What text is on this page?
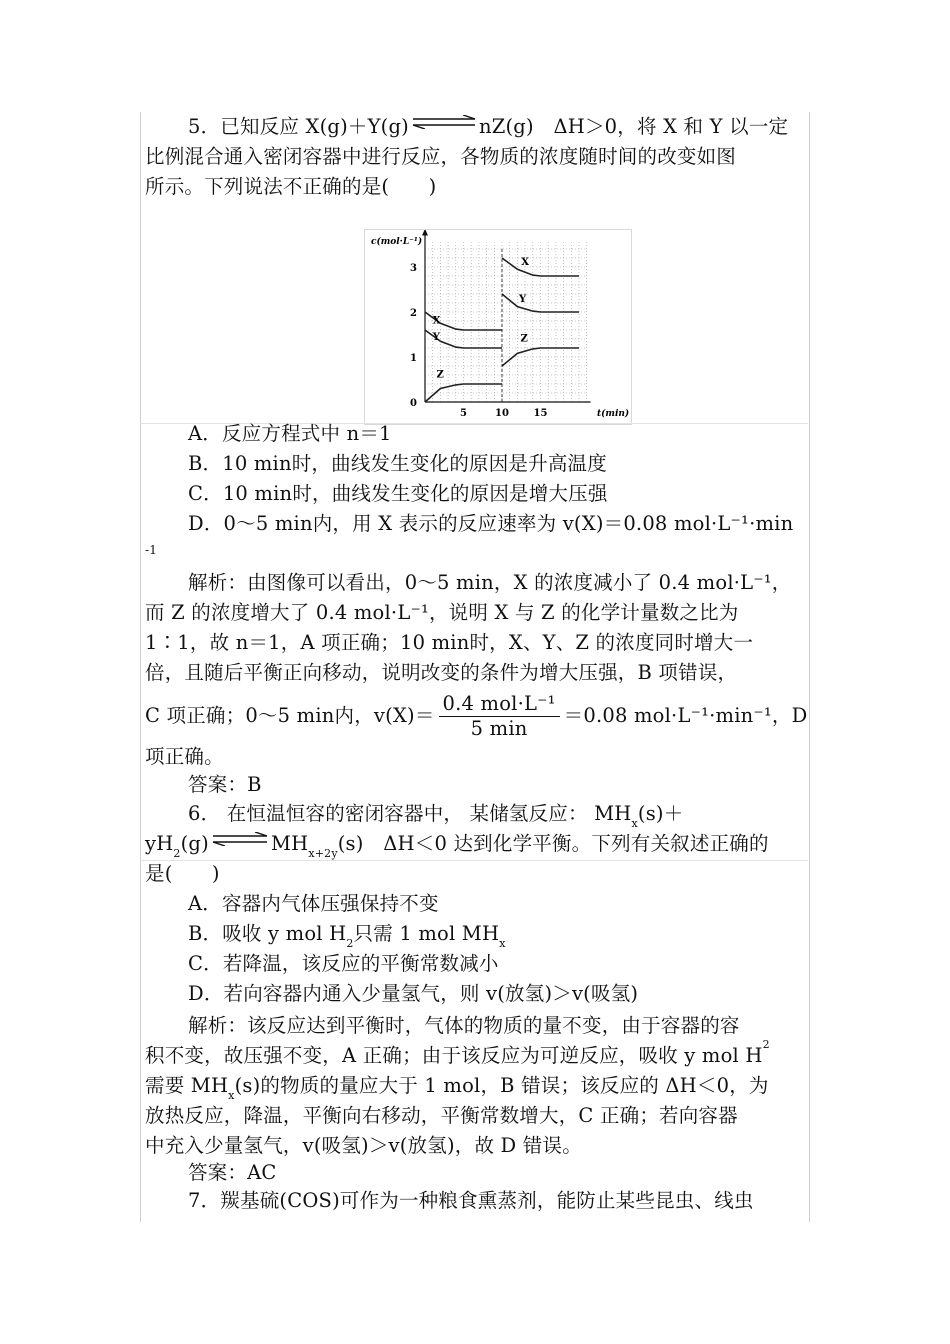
5．已知反应 X(g)＋Y(g) ⇌ nZ(g)　ΔH＞0，将 X 和 Y 以一定
比例混合通入密闭容器中进行反应，各物质的浓度随时间的改变如图
所示。下列说法不正确的是(　　)
0
1
2
3
5	10 15
c(mol·L⁻¹)
t(min)
X
X
Y
Y
Z
Z
A．反应方程式中 n＝1
B．10 min时，曲线发生变化的原因是升高温度
C．10 min时，曲线发生变化的原因是增大压强
D．0～5 min内，用 X 表示的反应速率为 v(X)＝0.08 mol·L⁻¹·min
-1
解析：由图像可以看出，0～5 min，X 的浓度减小了 0.4 mol·L⁻¹，
而 Z 的浓度增大了 0.4 mol·L⁻¹，说明 X 与 Z 的化学计量数之比为
1∶1，故 n＝1，A 项正确；10 min时，X、Y、Z 的浓度同时增大一
倍，且随后平衡正向移动，说明改变的条件为增大压强，B 项错误，
C 项正确；0～5 min内，$v(X)= \frac{\text{0.4 mol·L⁻¹}}{5 \min} =0.08$ mol·L⁻¹·min⁻¹，D
项正确。
答案：B
6． 在恒温恒容的密闭容器中， 某储氢反应： $MH_x(s)+$
$yH_2(g)$ ⇌ $MH_{x+2y}(s)$　ΔH＜0 达到化学平衡。下列有关叙述正确的
是(　　)
A．容器内气体压强保持不变
B．吸收 y mol $H_2$只需 1 mol $MH_x$
C．若降温，该反应的平衡常数减小
D．若向容器内通入少量氢气，则 v(放氢)＞v(吸氢)
解析：该反应达到平衡时，气体的物质的量不变，由于容器的容
积不变，故压强不变，A 正确；由于该反应为可逆反应，吸收 y mol $H^2$
需要 $MH_x(s)$的物质的量应大于 1 mol，B 错误；该反应的 ΔH＜0，为
放热反应，降温，平衡向右移动，平衡常数增大，C 正确；若向容器
中充入少量氢气，v(吸氢)＞v(放氢)，故 D 错误。
答案：AC
7．羰基硫(COS)可作为一种粮食熏蒸剂，能防止某些昆虫、线虫
